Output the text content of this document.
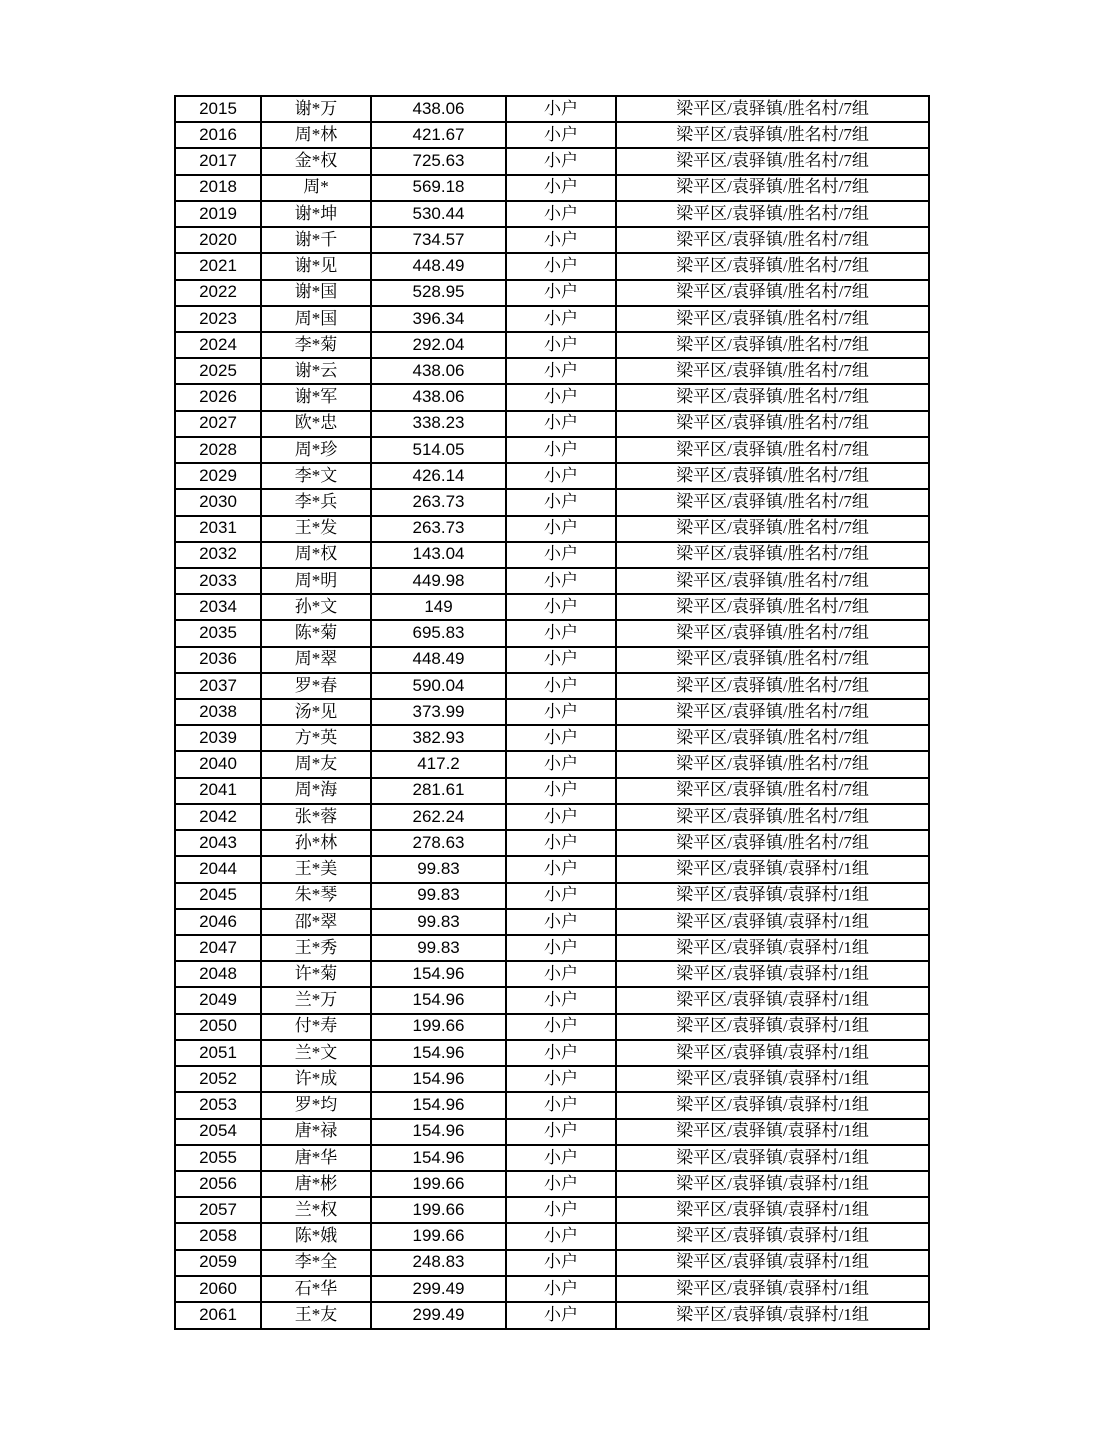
2015	谢*万	438.06	小户	梁平区/袁驿镇/胜名村/7组
2016	周*林	421.67	小户	梁平区/袁驿镇/胜名村/7组
2017	金*权	725.63	小户	梁平区/袁驿镇/胜名村/7组
2018	周*	569.18	小户	梁平区/袁驿镇/胜名村/7组
2019	谢*坤	530.44	小户	梁平区/袁驿镇/胜名村/7组
2020	谢*千	734.57	小户	梁平区/袁驿镇/胜名村/7组
2021	谢*见	448.49	小户	梁平区/袁驿镇/胜名村/7组
2022	谢*国	528.95	小户	梁平区/袁驿镇/胜名村/7组
2023	周*国	396.34	小户	梁平区/袁驿镇/胜名村/7组
2024	李*菊	292.04	小户	梁平区/袁驿镇/胜名村/7组
2025	谢*云	438.06	小户	梁平区/袁驿镇/胜名村/7组
2026	谢*军	438.06	小户	梁平区/袁驿镇/胜名村/7组
2027	欧*忠	338.23	小户	梁平区/袁驿镇/胜名村/7组
2028	周*珍	514.05	小户	梁平区/袁驿镇/胜名村/7组
2029	李*文	426.14	小户	梁平区/袁驿镇/胜名村/7组
2030	李*兵	263.73	小户	梁平区/袁驿镇/胜名村/7组
2031	王*发	263.73	小户	梁平区/袁驿镇/胜名村/7组
2032	周*权	143.04	小户	梁平区/袁驿镇/胜名村/7组
2033	周*明	449.98	小户	梁平区/袁驿镇/胜名村/7组
2034	孙*文	149	小户	梁平区/袁驿镇/胜名村/7组
2035	陈*菊	695.83	小户	梁平区/袁驿镇/胜名村/7组
2036	周*翠	448.49	小户	梁平区/袁驿镇/胜名村/7组
2037	罗*春	590.04	小户	梁平区/袁驿镇/胜名村/7组
2038	汤*见	373.99	小户	梁平区/袁驿镇/胜名村/7组
2039	方*英	382.93	小户	梁平区/袁驿镇/胜名村/7组
2040	周*友	417.2	小户	梁平区/袁驿镇/胜名村/7组
2041	周*海	281.61	小户	梁平区/袁驿镇/胜名村/7组
2042	张*蓉	262.24	小户	梁平区/袁驿镇/胜名村/7组
2043	孙*林	278.63	小户	梁平区/袁驿镇/胜名村/7组
2044	王*美	99.83	小户	梁平区/袁驿镇/袁驿村/1组
2045	朱*琴	99.83	小户	梁平区/袁驿镇/袁驿村/1组
2046	邵*翠	99.83	小户	梁平区/袁驿镇/袁驿村/1组
2047	王*秀	99.83	小户	梁平区/袁驿镇/袁驿村/1组
2048	许*菊	154.96	小户	梁平区/袁驿镇/袁驿村/1组
2049	兰*万	154.96	小户	梁平区/袁驿镇/袁驿村/1组
2050	付*寿	199.66	小户	梁平区/袁驿镇/袁驿村/1组
2051	兰*文	154.96	小户	梁平区/袁驿镇/袁驿村/1组
2052	许*成	154.96	小户	梁平区/袁驿镇/袁驿村/1组
2053	罗*均	154.96	小户	梁平区/袁驿镇/袁驿村/1组
2054	唐*禄	154.96	小户	梁平区/袁驿镇/袁驿村/1组
2055	唐*华	154.96	小户	梁平区/袁驿镇/袁驿村/1组
2056	唐*彬	199.66	小户	梁平区/袁驿镇/袁驿村/1组
2057	兰*权	199.66	小户	梁平区/袁驿镇/袁驿村/1组
2058	陈*娥	199.66	小户	梁平区/袁驿镇/袁驿村/1组
2059	李*全	248.83	小户	梁平区/袁驿镇/袁驿村/1组
2060	石*华	299.49	小户	梁平区/袁驿镇/袁驿村/1组
2061	王*友	299.49	小户	梁平区/袁驿镇/袁驿村/1组
